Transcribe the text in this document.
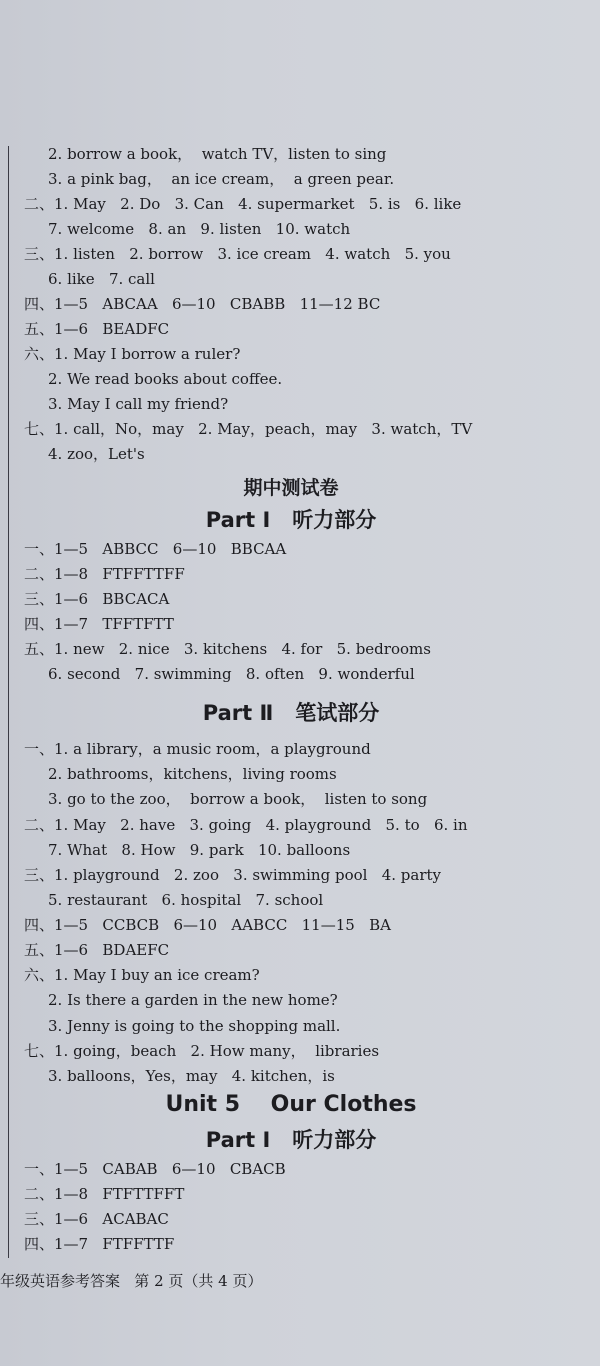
2. borrow a book，  watch TV，listen to sing
3. a pink bag，  an ice cream，  a green pear.
二、1. May   2. Do   3. Can   4. supermarket   5. is   6. like
7. welcome   8. an   9. listen   10. watch
三、1. listen   2. borrow   3. ice cream   4. watch   5. you
6. like   7. call
四、1—5   ABCAA   6—10   CBABB   11—12 BC
五、1—6   BEADFC
六、1. May I borrow a ruler?
2. We read books about coffee.
3. May I call my friend?
七、1. call，No，may   2. May，peach，may   3. watch，TV
4. zoo，Let's
期中测试卷
Part Ⅰ   听力部分
一、1—5   ABBCC   6—10   BBCAA
二、1—8   FTFFTTFF
三、1—6   BBCACA
四、1—7   TFFTFTT
五、1. new   2. nice   3. kitchens   4. for   5. bedrooms
6. second   7. swimming   8. often   9. wonderful
Part Ⅱ   笔试部分
一、1. a library，a music room，a playground
2. bathrooms，kitchens，living rooms
3. go to the zoo，  borrow a book，  listen to song
二、1. May   2. have   3. going   4. playground   5. to   6. in
7. What   8. How   9. park   10. balloons
三、1. playground   2. zoo   3. swimming pool   4. party
5. restaurant   6. hospital   7. school
四、1—5   CCBCB   6—10   AABCC   11—15   BA
五、1—6   BDAEFC
六、1. May I buy an ice cream?
2. Is there a garden in the new home?
3. Jenny is going to the shopping mall.
七、1. going，beach   2. How many，  libraries
3. balloons，Yes，may   4. kitchen，is
Unit 5    Our Clothes
Part Ⅰ   听力部分
一、1—5   CABAB   6—10   CBACB
二、1—8   FTFTTFFT
三、1—6   ACABAC
四、1—7   FTFFTTF
年级英语参考答案   第 2 页（共 4 页）
